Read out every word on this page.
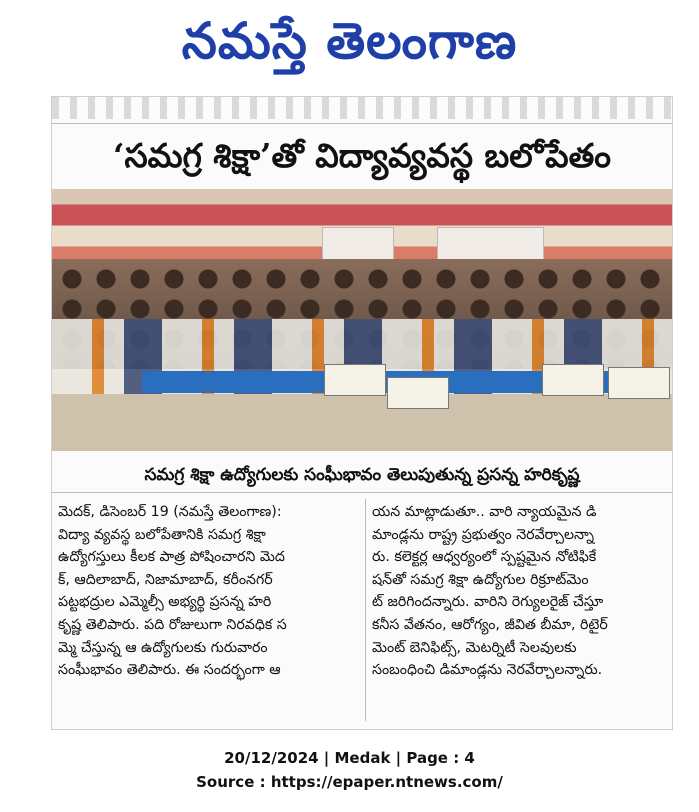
నమస్తే తెలంగాణ
‘సమగ్ర శిక్షా’తో విద్యావ్యవస్థ బలోపేతం
సమగ్ర శిక్షా ఉద్యోగులకు సంఘీభావం తెలుపుతున్న ప్రసన్న హరికృష్ణ
మెదక్, డిసెంబర్ 19 (నమస్తే తెలంగాణ):
విద్యా వ్యవస్థ బలోపేతానికి సమగ్ర శిక్షా
ఉద్యోగస్తులు కీలక పాత్ర పోషించారని మెద
క్, ఆదిలాబాద్, నిజామాబాద్, కరీంనగర్
పట్టభద్రుల ఎమ్మెల్సీ అభ్యర్థి ప్రసన్న హరి
కృష్ణ తెలిపారు. పది రోజులుగా నిరవధిక స
మ్మె చేస్తున్న ఆ ఉద్యోగులకు గురువారం
సంఘీభావం తెలిపారు. ఈ సందర్భంగా ఆ
యన మాట్లాడుతూ.. వారి న్యాయమైన డి
మాండ్లను రాష్ట్ర ప్రభుత్వం నెరవేర్చాలన్నా
రు. కలెక్టర్ల ఆధ్వర్యంలో స్పష్టమైన నోటిఫికే
షన్‌తో సమగ్ర శిక్షా ఉద్యోగుల రిక్రూట్‌మెం
ట్ జరిగిందన్నారు. వారిని రెగ్యులరైజ్ చేస్తూ
కనీస వేతనం, ఆరోగ్యం, జీవిత బీమా, రిటైర్
మెంట్ బెనిఫిట్స్, మెటర్నిటీ సెలవులకు
సంబంధించి డిమాండ్లను నెరవేర్చాలన్నారు.
20/12/2024 | Medak | Page : 4
Source : https://epaper.ntnews.com/
